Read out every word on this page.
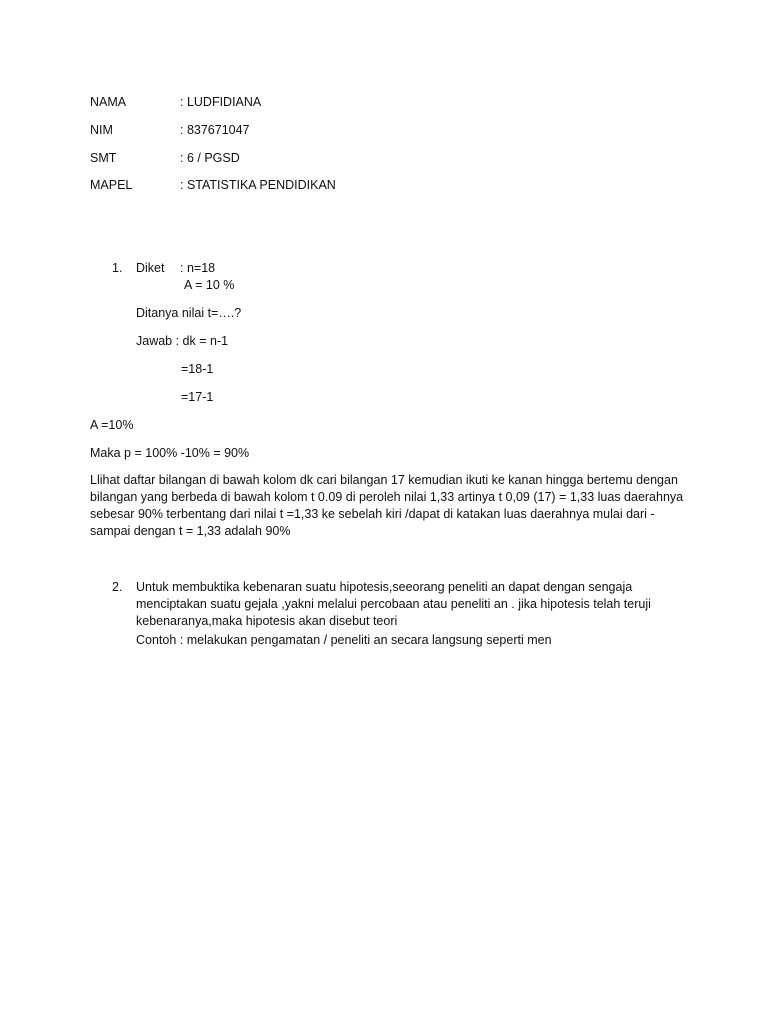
NAMA	: LUDFIDIANA
NIM	: 837671047
SMT	: 6 / PGSD
MAPEL	: STATISTIKA PENDIDIKAN
1. Diket : n=18
A = 10 %
Ditanya nilai t=….?
Jawab : dk = n-1
=18-1
=17-1
A =10%
Maka p = 100% -10% = 90%
Llihat daftar bilangan di bawah kolom dk cari bilangan 17 kemudian ikuti ke kanan hingga bertemu dengan bilangan yang berbeda di bawah kolom t 0.09 di peroleh nilai 1,33 artinya t 0,09 (17) = 1,33 luas daerahnya sebesar 90% terbentang dari nilai t =1,33 ke sebelah kiri /dapat di katakan luas daerahnya mulai dari - sampai dengan t = 1,33 adalah 90%
2. Untuk membuktika kebenaran suatu hipotesis,seeorang peneliti an dapat dengan sengaja menciptakan suatu gejala ,yakni melalui percobaan atau peneliti an . jika hipotesis telah teruji kebenaranya,maka hipotesis akan disebut teori
Contoh : melakukan pengamatan / peneliti an secara langsung seperti men
